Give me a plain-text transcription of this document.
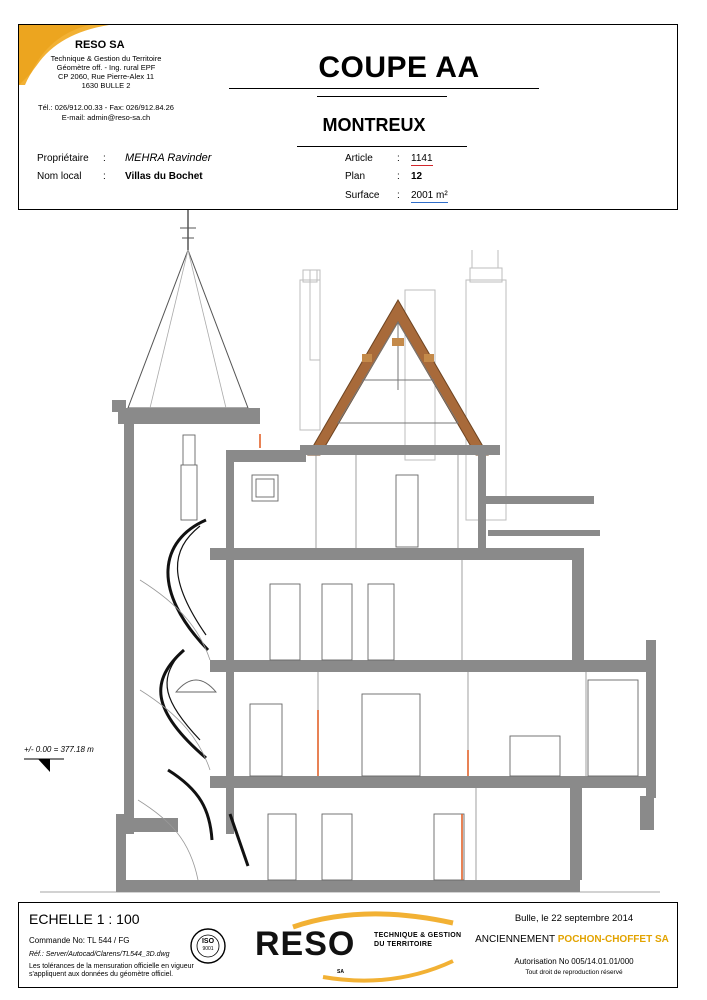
RESO SA
Technique & Gestion du Territoire
Géomètre off. - Ing. rural EPF
CP 2060, Rue Pierre-Alex 11
1630 BULLE 2
Tél.: 026/912.00.33 - Fax: 026/912.84.26
E-mail: admin@reso-sa.ch
COUPE AA
MONTREUX
Propriétaire : MEHRA Ravinder
Nom local : Villas du Bochet
Article : 1141
Plan	: 12
Surface : 2001 m²
+/- 0.00 = 377.18 m
ECHELLE 1 : 100
Commande No: TL 544 / FG
Réf.: Server/Autocad/Clarens/TL544_3D.dwg
Les tolérances de la mensuration officielle en vigueur
s'appliquent aux données du géomètre officiel.
ISO
9001 RESO	TECHNIQUE & GESTION
DU TERRITOIRE
SA
Bulle, le 22 septembre 2014
ANCIENNEMENT POCHON-CHOFFET SA
Autorisation No 005/14.01.01/000
Tout droit de reproduction réservé
